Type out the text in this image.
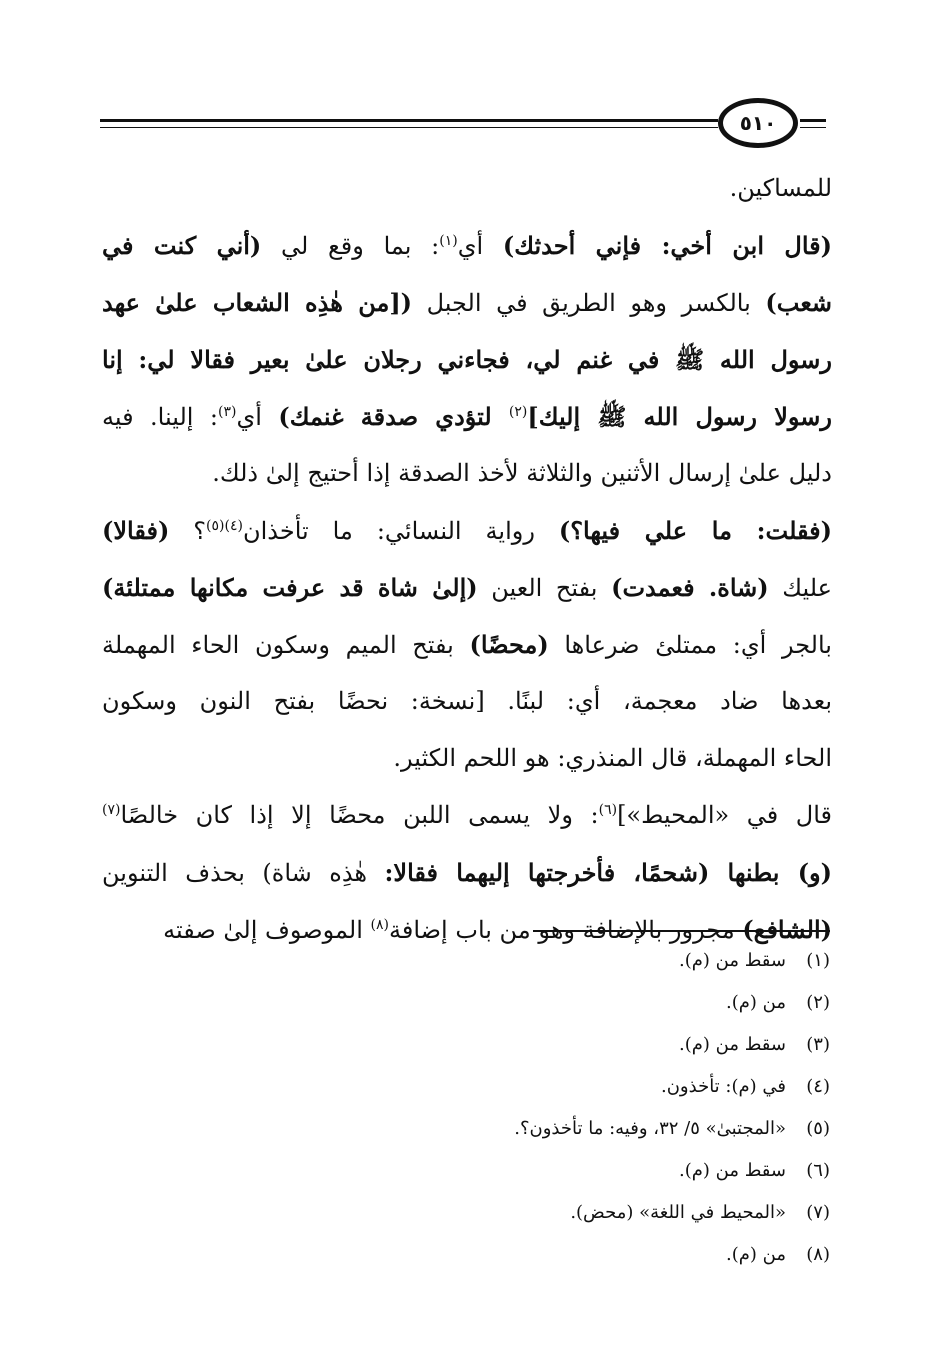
٥١٠
للمساكين.
(قال ابن أخي: فإني أحدثك) أي$^{(١)}$: بما وقع لي (أني كنت في
شعب) بالكسر وهو الطريق في الجبل ([من هٰذِه الشعاب علىٰ عهد
رسول الله ﷺ في غنم لي، فجاءني رجلان علىٰ بعير فقالا لي: إنا
رسولا رسول الله ﷺ إليك]$^{(٢)}$ لتؤدي صدقة غنمك) أي$^{(٣)}$: إلينا. فيه
دليل علىٰ إرسال الأثنين والثلاثة لأخذ الصدقة إذا أحتيج إلىٰ ذلك.
(فقلت: ما علي فيها؟) رواية النسائي: ما تأخذان$^{(٤)(٥)}$؟ (فقالا)
عليك (شاة. فعمدت) بفتح العين (إلىٰ شاة قد عرفت مكانها ممتلئة)
بالجر أي: ممتلئ ضرعاها (محضًا) بفتح الميم وسكون الحاء المهملة
بعدها ضاد معجمة، أي: لبنًا. [نسخة: نحضًا بفتح النون وسكون
الحاء المهملة، قال المنذري: هو اللحم الكثير.
قال في «المحيط»]$^{(٦)}$: ولا يسمى اللبن محضًا إلا إذا كان خالصًا$^{(٧)}$
(و) بطنها (شحمًا، فأخرجتها إليهما فقالا: هٰذِه شاة) بحذف التنوين
(الشافع) مجرور بالإضافة وهو من باب إضافة$^{(٨)}$ الموصوف إلىٰ صفته
(١)سقط من (م).
(٢)من (م).
(٣)سقط من (م).
(٤)في (م): تأخذون.
(٥)«المجتبىٰ» ٥/ ٣٢، وفيه: ما تأخذون؟.
(٦)سقط من (م).
(٧)«المحيط في اللغة» (محض).
(٨)من (م).
